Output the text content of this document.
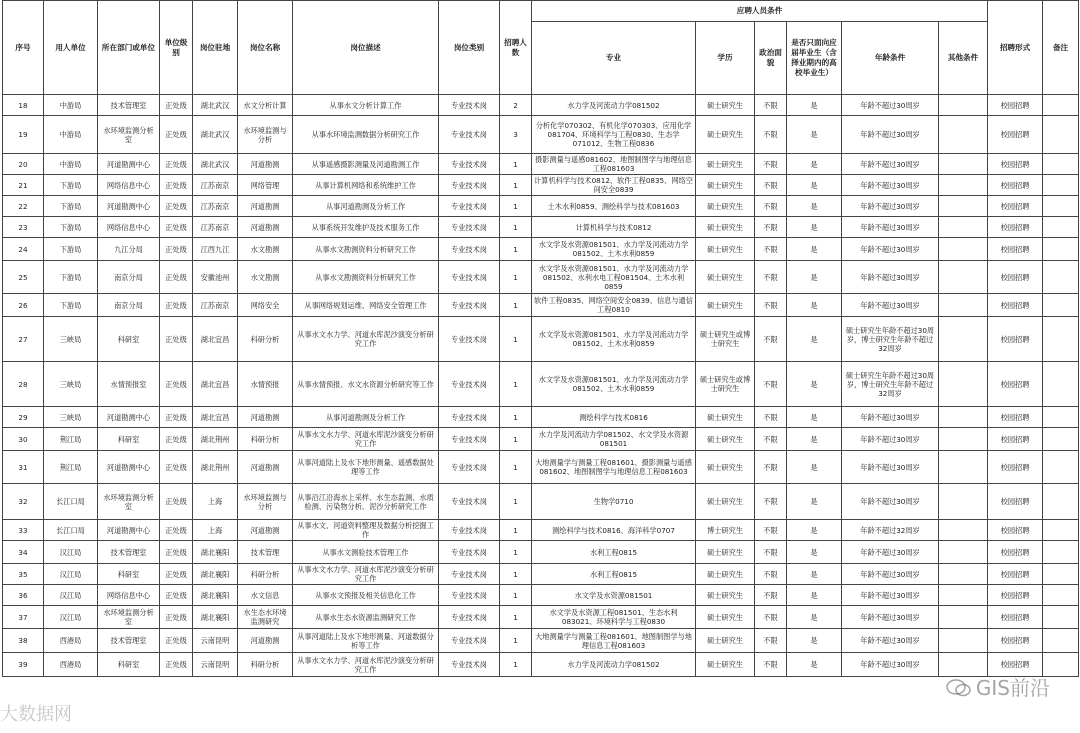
序号	用人单位	所在部门或单位	单位级别	岗位驻地	岗位名称	岗位描述	岗位类别	招聘人数	应聘人员条件						招聘形式	备注
									专业	学历	政治面貌	是否只面向应届毕业生（含择业期内的高校毕业生）	年龄条件	其他条件		
18	中游局	技术管理室	正处级	湖北武汉	水文分析计算	从事水文分析计算工作	专业技术岗	2	水力学及河流动力学081502	硕士研究生	不限	是	年龄不超过30周岁		校园招聘	
19	中游局	水环境监测分析室	正处级	湖北武汉	水环境监测与分析	从事水环境监测数据分析研究工作	专业技术岗	3	分析化学070302、有机化学070303、应用化学081704、环境科学与工程0830、生态学071012、生物工程0836	硕士研究生	不限	是	年龄不超过30周岁		校园招聘	
20	中游局	河道勘测中心	正处级	湖北武汉	河道勘测	从事遥感摄影测量及河道勘测工作	专业技术岗	1	摄影测量与遥感081602、地图制图学与地理信息工程081603	硕士研究生	不限	是	年龄不超过30周岁		校园招聘	
21	下游局	网络信息中心	正处级	江苏南京	网络管理	从事计算机网络和系统维护工作	专业技术岗	1	计算机科学与技术0812、软件工程0835、网络空间安全0839	硕士研究生	不限	是	年龄不超过30周岁		校园招聘	
22	下游局	河道勘测中心	正处级	江苏南京	河道勘测	从事河道勘测及分析工作	专业技术岗	1	土木水利0859、测绘科学与技术081603	硕士研究生	不限	是	年龄不超过30周岁		校园招聘	
23	下游局	网络信息中心	正处级	江苏南京	河道勘测	从事系统开发维护及技术服务工作	专业技术岗	1	计算机科学与技术0812	硕士研究生	不限	是	年龄不超过30周岁		校园招聘	
24	下游局	九江分局	正处级	江西九江	水文勘测	从事水文勘测资料分析研究工作	专业技术岗	1	水文学及水资源081501、水力学及河流动力学081502、土木水利0859	硕士研究生	不限	是	年龄不超过30周岁		校园招聘	
25	下游局	南京分局	正处级	安徽池州	水文勘测	从事水文勘测资料分析研究工作	专业技术岗	1	水文学及水资源081501、水力学及河流动力学081502、水利水电工程081504、土木水利0859	硕士研究生	不限	是	年龄不超过30周岁		校园招聘	
26	下游局	南京分局	正处级	江苏南京	网络安全	从事网络规划运维、网络安全管理工作	专业技术岗	1	软件工程0835、网络空间安全0839、信息与通信工程0810	硕士研究生	不限	是	年龄不超过30周岁		校园招聘	
27	三峡局	科研室	正处级	湖北宜昌	科研分析	从事水文水力学、河道水库泥沙演变分析研究工作	专业技术岗	1	水文学及水资源081501、水力学及河流动力学081502、土木水利0859	硕士研究生或博士研究生	不限	是	硕士研究生年龄不超过30周岁，博士研究生年龄不超过32周岁		校园招聘	
28	三峡局	水情预报室	正处级	湖北宜昌	水情预报	从事水情预报、水文水资源分析研究等工作	专业技术岗	1	水文学及水资源081501、水力学及河流动力学081502、土木水利0859	硕士研究生或博士研究生	不限	是	硕士研究生年龄不超过30周岁，博士研究生年龄不超过32周岁		校园招聘	
29	三峡局	河道勘测中心	正处级	湖北宜昌	河道勘测	从事河道勘测及分析工作	专业技术岗	1	测绘科学与技术0816	硕士研究生	不限	是	年龄不超过30周岁		校园招聘	
30	荆江局	科研室	正处级	湖北荆州	科研分析	从事水文水力学、河道水库泥沙演变分析研究工作	专业技术岗	1	水力学及河流动力学081502、水文学及水资源081501	硕士研究生	不限	是	年龄不超过30周岁		校园招聘	
31	荆江局	河道勘测中心	正处级	湖北荆州	河道勘测	从事河道陆上及水下地形测量、遥感数据处理等工作	专业技术岗	1	大地测量学与测量工程081601、摄影测量与遥感081602、地图制图学与地理信息工程081603	硕士研究生	不限	是	年龄不超过30周岁		校园招聘	
32	长江口局	水环境监测分析室	正处级	上海	水环境监测与分析	从事沿江沿海水上采样、水生态监测、水质检测、污染物分析、泥沙分析研究工作	专业技术岗	1	生物学0710	硕士研究生	不限	是	年龄不超过30周岁		校园招聘	
33	长江口局	河道勘测中心	正处级	上海	河道勘测	从事水文、河道资料整理及数据分析挖掘工作	专业技术岗	1	测绘科学与技术0816、海洋科学0707	博士研究生	不限	是	年龄不超过32周岁		校园招聘	
34	汉江局	技术管理室	正处级	湖北襄阳	技术管理	从事水文测验技术管理工作	专业技术岗	1	水利工程0815	硕士研究生	不限	是	年龄不超过30周岁		校园招聘	
35	汉江局	科研室	正处级	湖北襄阳	科研分析	从事水文水力学、河道水库泥沙演变分析研究工作	专业技术岗	1	水利工程0815	硕士研究生	不限	是	年龄不超过30周岁		校园招聘	
36	汉江局	网络信息中心	正处级	湖北襄阳	水文信息	从事水文预报及相关信息化工作	专业技术岗	1	水文学及水资源081501	硕士研究生	不限	是	年龄不超过30周岁		校园招聘	
37	汉江局	水环境监测分析室	正处级	湖北襄阳	水生态水环境监测研究	从事水生态水资源监测研究工作	专业技术岗	1	水文学及水资源工程081501、生态水利083021、环境科学与工程0830	硕士研究生	不限	是	年龄不超过30周岁		校园招聘	
38	西港局	技术管理室	正处级	云南昆明	河道勘测	从事河道陆上及水下地形测量、河道数据分析等工作	专业技术岗	1	大地测量学与测量工程081601、地图制图学与地理信息工程081603	硕士研究生	不限	是	年龄不超过30周岁		校园招聘	
39	西港局	科研室	正处级	云南昆明	科研分析	从事水文水力学、河道水库泥沙演变分析研究工作	专业技术岗	1	水力学及河流动力学081502	硕士研究生	不限	是	年龄不超过30周岁		校园招聘	
GIS前沿
大数据网
